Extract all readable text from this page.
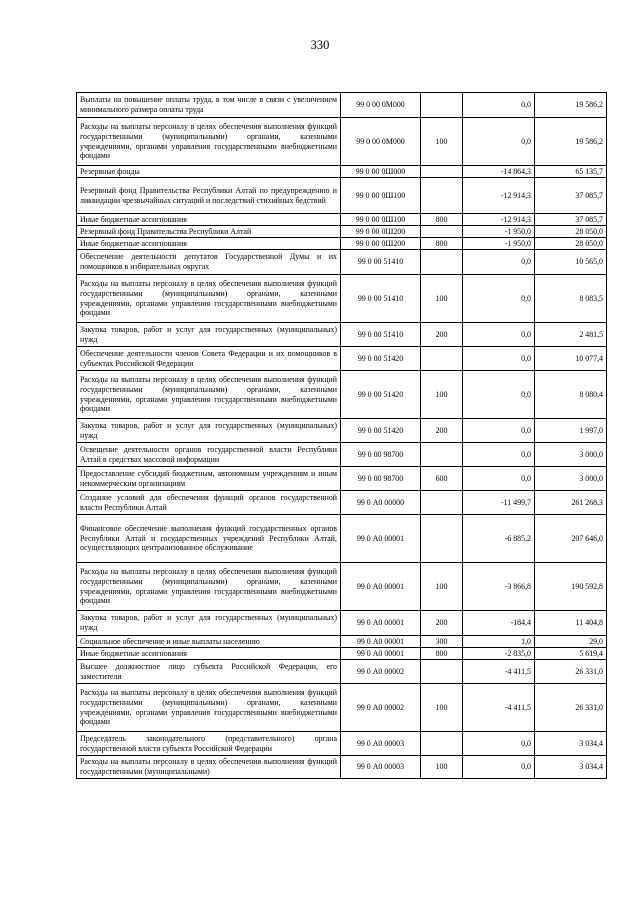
330
Выплаты на повышение оплаты труда, в том числе в связи с увеличением минимального размера оплаты труда	99 0 00 0М000		0,0	19 586,2
Расходы на выплаты персоналу в целях обеспечения выполнения функций государственными (муниципальными) органами, казенными учреждениями, органами управления государственными внебюджетными фондами	99 0 00 0М000	100	0,0	19 586,2
Резервные фонды	99 0 00 0Ш000		-14 864,3	65 135,7
Резервный фонд Правительства Республики Алтай по предупреждению и ликвидации чрезвычайных ситуаций и последствий стихийных бедствий	99 0 00 0Ш100		-12 914,3	37 085,7
Иные бюджетные ассигнования	99 0 00 0Ш100	800	-12 914,3	37 085,7
Резервный фонд Правительства Республики Алтай	99 0 00 0Ш200		-1 950,0	28 050,0
Иные бюджетные ассигнования	99 0 00 0Ш200	800	-1 950,0	28 050,0
Обеспечение деятельности депутатов Государственной Думы и их помощников в избирательных округах	99 0 00 51410		0,0	10 565,0
Расходы на выплаты персоналу в целях обеспечения выполнения функций государственными (муниципальными) органами, казенными учреждениями, органами управления государственными внебюджетными фондами	99 0 00 51410	100	0,0	8 083,5
Закупка товаров, работ и услуг для государственных (муниципальных) нужд	99 0 00 51410	200	0,0	2 481,5
Обеспечение деятельности членов Совета Федерации и их помощников в субъектах Российской Федерации	99 0 00 51420		0,0	10 077,4
Расходы на выплаты персоналу в целях обеспечения выполнения функций государственными (муниципальными) органами, казенными учреждениями, органами управления государственными внебюджетными фондами	99 0 00 51420	100	0,0	8 080,4
Закупка товаров, работ и услуг для государственных (муниципальных) нужд	99 0 00 51420	200	0,0	1 997,0
Освещение деятельности органов государственной власти Республики Алтай в средствах массовой информации	99 0 00 98700		0,0	3 000,0
Предоставление субсидий бюджетным, автономным учреждениям и иным некоммерческим организациям	99 0 00 98700	600	0,0	3 000,0
Создание условий для обеспечения функций органов государственной власти Республики Алтай	99 0 А0 00000		-11 499,7	261 268,3
Финансовое обеспечение выполнения функций государственных органов Республики Алтай и государственных учреждений Республики Алтай, осуществляющих централизованное обслуживание	99 0 А0 00001		-6 885,2	207 646,0
Расходы на выплаты персоналу в целях обеспечения выполнения функций государственными (муниципальными) органами, казенными учреждениями, органами управления государственными внебюджетными фондами	99 0 А0 00001	100	-3 866,8	190 592,8
Закупка товаров, работ и услуг для государственных (муниципальных) нужд	99 0 А0 00001	200	-184,4	11 404,8
Социальное обеспечение и иные выплаты населению	99 0 А0 00001	300	1,0	29,0
Иные бюджетные ассигнования	99 0 А0 00001	800	-2 835,0	5 619,4
Высшее должностное лицо субъекта Российской Федерации, его заместители	99 0 А0 00002		-4 411,5	26 331,0
Расходы на выплаты персоналу в целях обеспечения выполнения функций государственными (муниципальными) органами, казенными учреждениями, органами управления государственными внебюджетными фондами	99 0 А0 00002	100	-4 411,5	26 331,0
Председатель законодательного (представительного) органа государственной власти субъекта Российской Федерации	99 0 А0 00003		0,0	3 034,4
Расходы на выплаты персоналу в целях обеспечения выполнения функций государственными (муниципальными)	99 0 А0 00003	100	0,0	3 034,4
